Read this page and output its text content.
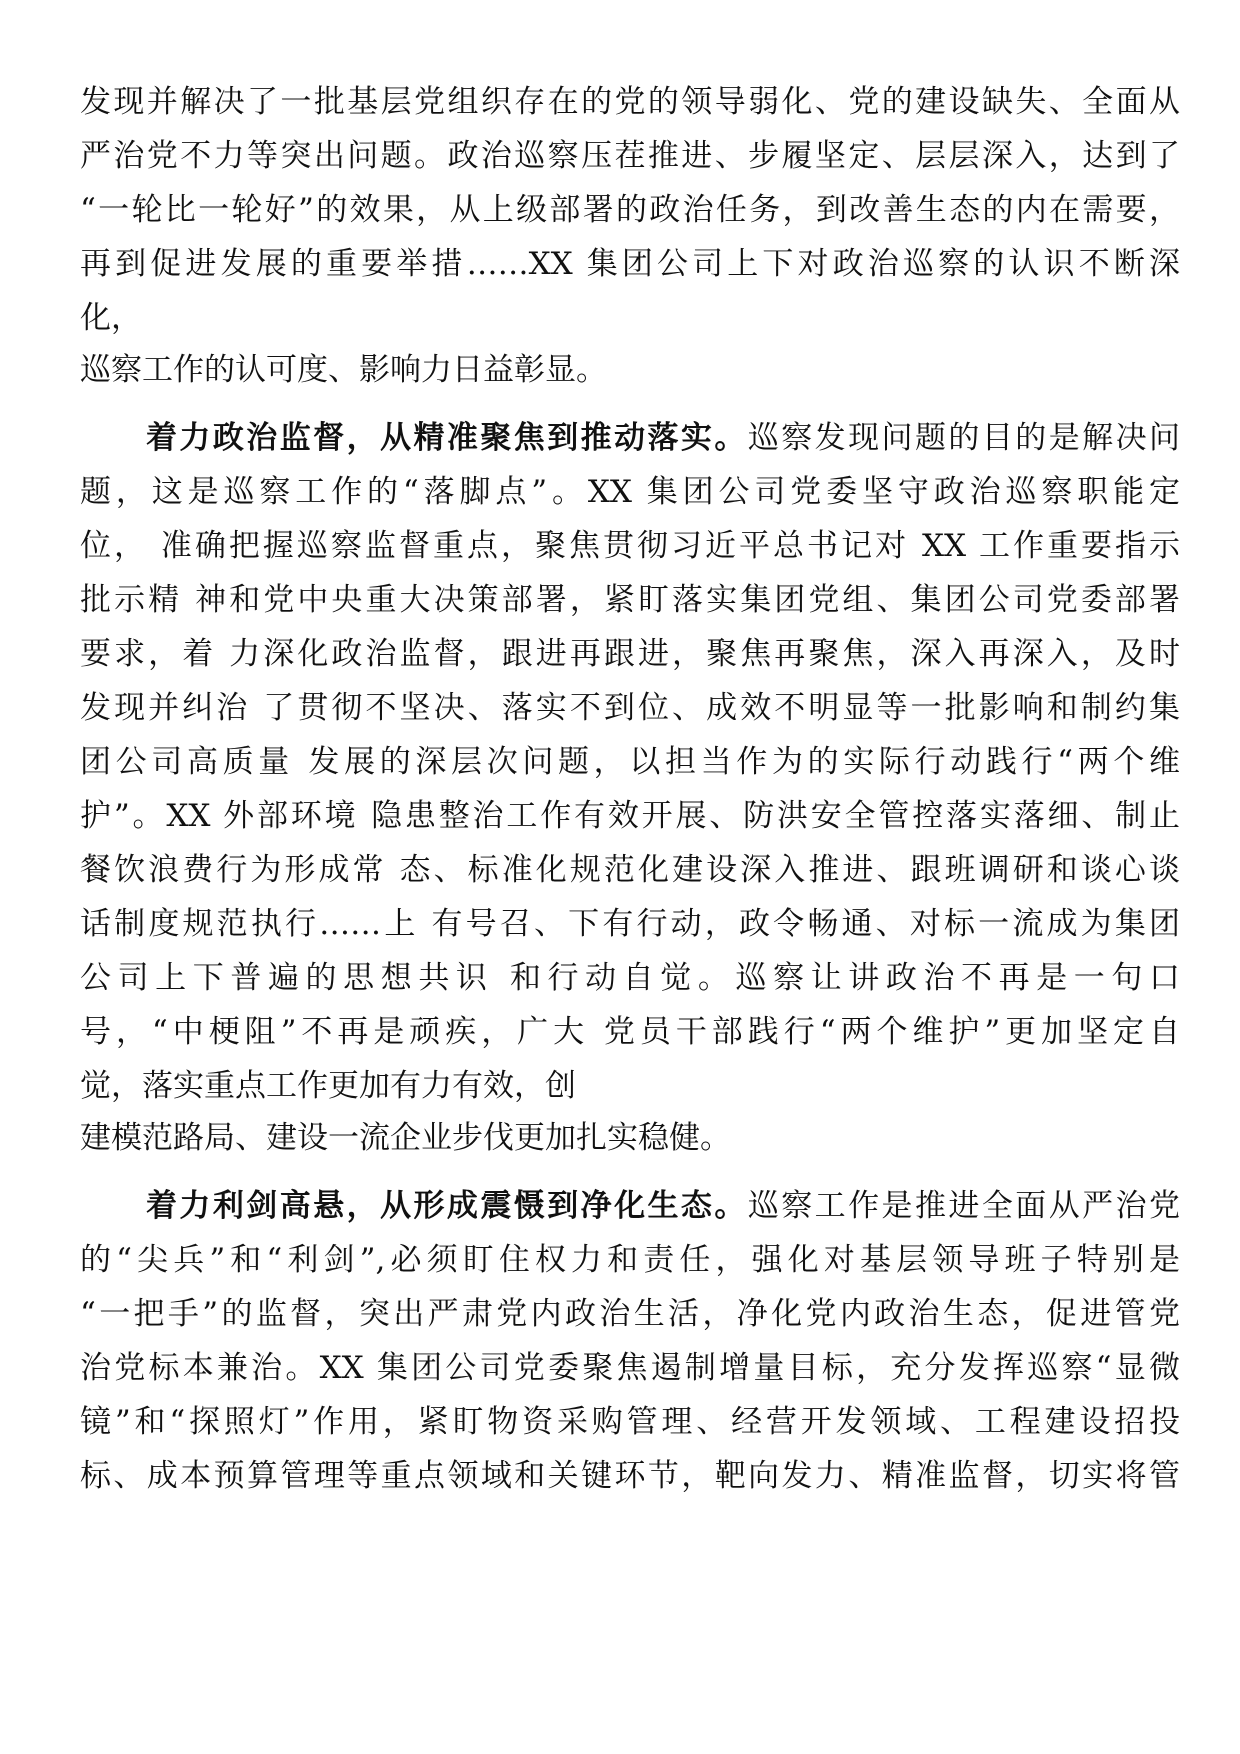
发现并解决了一批基层党组织存在的党的领导弱化、党的建设缺失、全面从
严治党不力等突出问题。政治巡察压茬推进、步履坚定、层层深入，达到了
“一轮比一轮好”的效果，从上级部署的政治任务，到改善生态的内在需要，
再到促进发展的重要举措……XX 集团公司上下对政治巡察的认识不断深
化，
巡察工作的认可度、影响力日益彰显。
着力政治监督，从精准聚焦到推动落实。巡察发现问题的目的是解决问
题，这是巡察工作的“落脚点”。XX 集团公司党委坚守政治巡察职能定
位， 准确把握巡察监督重点，聚焦贯彻习近平总书记对 XX 工作重要指示
批示精 神和党中央重大决策部署，紧盯落实集团党组、集团公司党委部署
要求，着 力深化政治监督，跟进再跟进，聚焦再聚焦，深入再深入，及时
发现并纠治 了贯彻不坚决、落实不到位、成效不明显等一批影响和制约集
团公司高质量 发展的深层次问题，以担当作为的实际行动践行“两个维
护”。XX 外部环境 隐患整治工作有效开展、防洪安全管控落实落细、制止
餐饮浪费行为形成常 态、标准化规范化建设深入推进、跟班调研和谈心谈
话制度规范执行……上 有号召、下有行动，政令畅通、对标一流成为集团
公司上下普遍的思想共识 和行动自觉。巡察让讲政治不再是一句口
号，“中梗阻”不再是顽疾，广大 党员干部践行“两个维护”更加坚定自
觉，落实重点工作更加有力有效，创
建模范路局、建设一流企业步伐更加扎实稳健。
着力利剑高悬，从形成震慑到净化生态。巡察工作是推进全面从严治党
的“尖兵”和“利剑”,必须盯住权力和责任，强化对基层领导班子特别是
“一把手”的监督，突出严肃党内政治生活，净化党内政治生态，促进管党
治党标本兼治。XX 集团公司党委聚焦遏制增量目标，充分发挥巡察“显微
镜”和“探照灯”作用，紧盯物资采购管理、经营开发领域、工程建设招投
标、成本预算管理等重点领域和关键环节，靶向发力、精准监督，切实将管
